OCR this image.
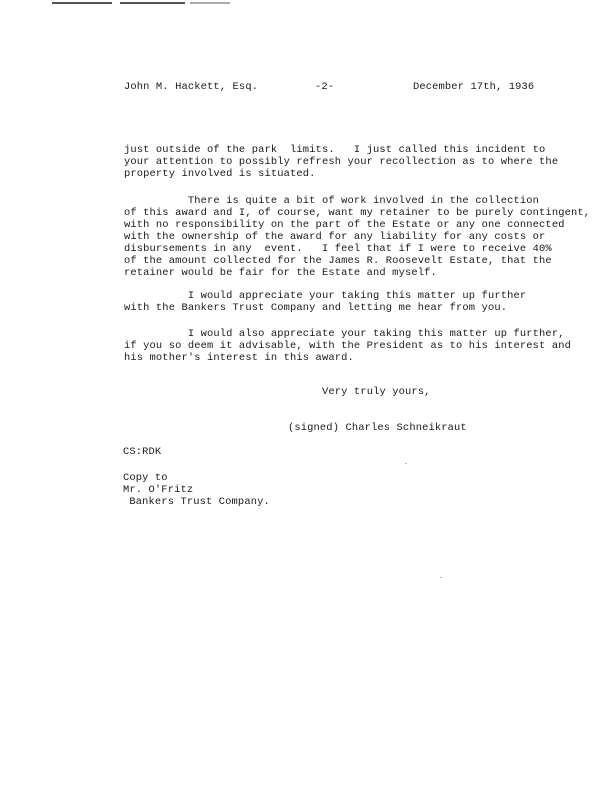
John M. Hackett, Esq.	-2-	December 17th, 1936
just outside of the park  limits.   I just called this incident to
your attention to possibly refresh your recollection as to where the
property involved is situated.
There is quite a bit of work involved in the collection
of this award and I, of course, want my retainer to be purely contingent,
with no responsibility on the part of the Estate or any one connected
with the ownership of the award for any liability for any costs or
disbursements in any  event.   I feel that if I were to receive 40%
of the amount collected for the James R. Roosevelt Estate, that the
retainer would be fair for the Estate and myself.
I would appreciate your taking this matter up further
with the Bankers Trust Company and letting me hear from you.
I would also appreciate your taking this matter up further,
if you so deem it advisable, with the President as to his interest and
his mother's interest in this award.
Very truly yours,
(signed) Charles Schneikraut
CS:RDK
Copy to
Mr. O'Fritz
Bankers Trust Company.
